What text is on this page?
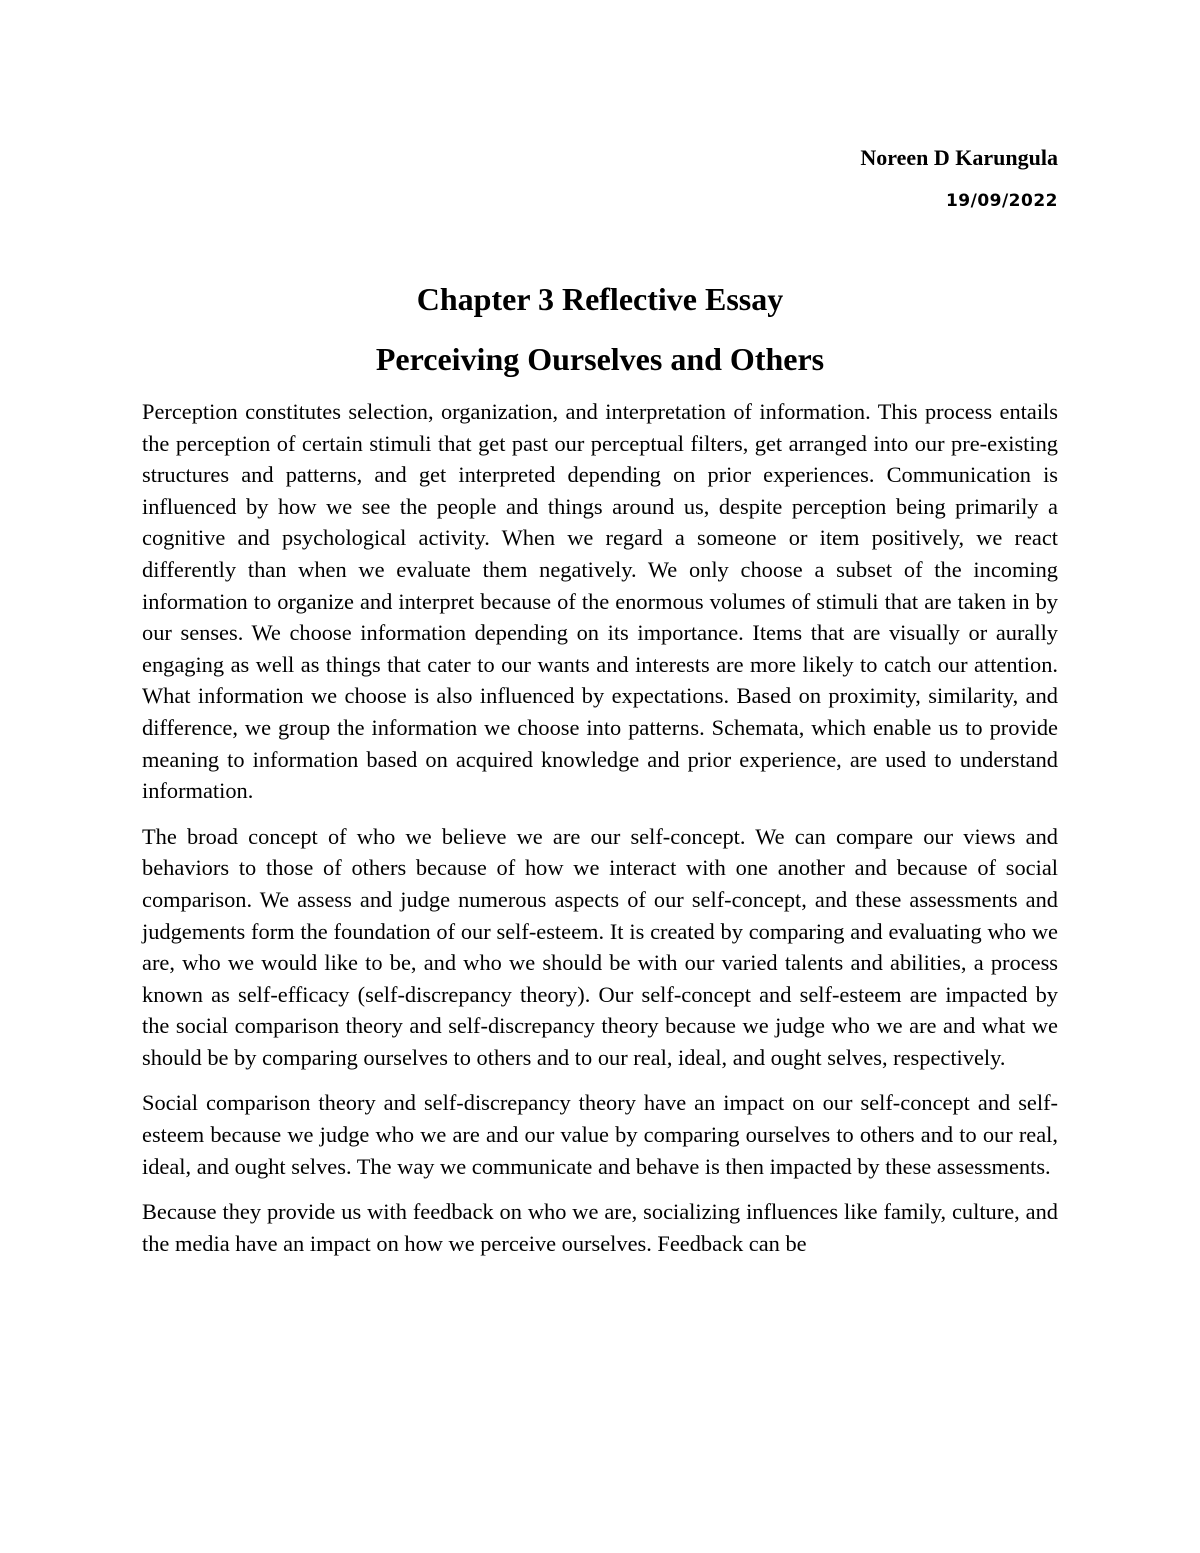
Noreen D Karungula
19/09/2022
Chapter 3 Reflective Essay
Perceiving Ourselves and Others

Perception constitutes selection, organization, and interpretation of information. This process entails the perception of certain stimuli that get past our perceptual filters, get arranged into our pre-existing structures and patterns, and get interpreted depending on prior experiences. Communication is influenced by how we see the people and things around us, despite perception being primarily a cognitive and psychological activity. When we regard a someone or item positively, we react differently than when we evaluate them negatively. We only choose a subset of the incoming information to organize and interpret because of the enormous volumes of stimuli that are taken in by our senses. We choose information depending on its importance. Items that are visually or aurally engaging as well as things that cater to our wants and interests are more likely to catch our attention. What information we choose is also influenced by expectations. Based on proximity, similarity, and difference, we group the information we choose into patterns. Schemata, which enable us to provide meaning to information based on acquired knowledge and prior experience, are used to understand information.

The broad concept of who we believe we are our self-concept. We can compare our views and behaviors to those of others because of how we interact with one another and because of social comparison. We assess and judge numerous aspects of our self-concept, and these assessments and judgements form the foundation of our self-esteem. It is created by comparing and evaluating who we are, who we would like to be, and who we should be with our varied talents and abilities, a process known as self-efficacy (self-discrepancy theory). Our self-concept and self-esteem are impacted by the social comparison theory and self-discrepancy theory because we judge who we are and what we should be by comparing ourselves to others and to our real, ideal, and ought selves, respectively.

Social comparison theory and self-discrepancy theory have an impact on our self-concept and self-esteem because we judge who we are and our value by comparing ourselves to others and to our real, ideal, and ought selves. The way we communicate and behave is then impacted by these assessments.

Because they provide us with feedback on who we are, socializing influences like family, culture, and the media have an impact on how we perceive ourselves. Feedback can be
